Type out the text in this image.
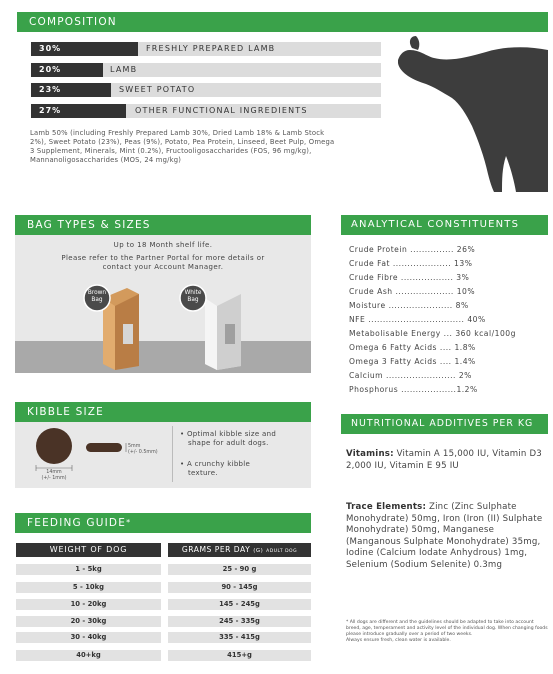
COMPOSITION
30%	FRESHLY PREPARED LAMB
20%	LAMB
23%	SWEET POTATO
27%	OTHER FUNCTIONAL INGREDIENTS
Lamb 50% (including Freshly Prepared Lamb 30%, Dried Lamb 18% & Lamb Stock 2%), Sweet Potato (23%), Peas (9%), Potato, Pea Protein, Linseed, Beet Pulp, Omega 3 Supplement, Minerals, Mint (0.2%), Fructooligosaccharides (FOS, 96 mg/kg), Mannanoligosaccharides (MOS, 24 mg/kg)
BAG TYPES & SIZES
Up to 18 Month shelf life.
Please refer to the Partner Portal for more details or
contact your Account Manager.
Brown
Bag
White
Bag
KIBBLE SIZE
14mm
(+/- 1mm)
5mm
(+/- 0.5mm)
• Optimal kibble size and
shape for adult dogs.
• A crunchy kibble
texture.
FEEDING GUIDE*
WEIGHT OF DOG	GRAMS PER DAY (G) ADULT DOG
1 - 5kg	25 - 90 g
5 - 10kg	90 - 145g
10 - 20kg	145 - 245g
20 - 30kg	245 - 335g
30 - 40kg	335 - 415g
40+kg	415+g
ANALYTICAL CONSTITUENTS
Crude Protein ............... 26%
Crude Fat .................... 13%
Crude Fibre .................. 3%
Crude Ash .................... 10%
Moisture ...................... 8%
NFE ................................. 40%
Metabolisable Energy ... 360 kcal/100g
Omega 6 Fatty Acids .... 1.8%
Omega 3 Fatty Acids .... 1.4%
Calcium ........................ 2%
Phosphorus ...................1.2%
NUTRITIONAL ADDITIVES PER KG
Vitamins: Vitamin A 15,000 IU, Vitamin D3 2,000 IU, Vitamin E 95 IU
Trace Elements: Zinc (Zinc Sulphate Monohydrate) 50mg, Iron (Iron (II) Sulphate Monohydrate) 50mg, Manganese (Manganous Sulphate Monohydrate) 35mg, Iodine (Calcium Iodate Anhydrous) 1mg, Selenium (Sodium Selenite) 0.3mg
* All dogs are different and the guidelines should be adapted to take into account breed, age, temperament and activity level of the individual dog. When changing foods please introduce gradually over a period of two weeks.
Always ensure fresh, clean water is available.
